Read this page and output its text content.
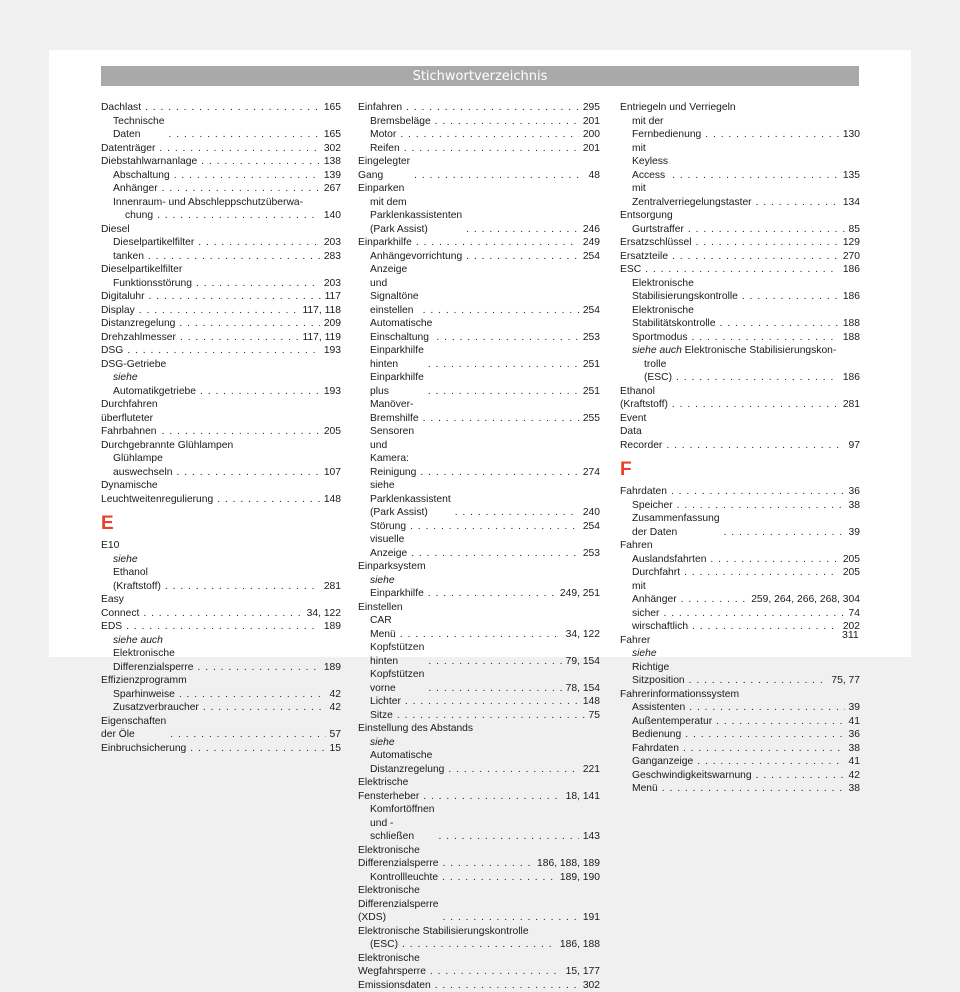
Stichwortverzeichnis
Dachlast . . .	165
Technische Daten . . .	165
Datenträger . . .	302
Diebstahlwarnanlage . . .	138
Abschaltung . . .	139
Anhänger . . .	267
Innenraum- und Abschleppschutzüberwa-
chung . . .	140
Diesel
Dieselpartikelfilter . . .	203
tanken . . .	283
Dieselpartikelfilter
Funktionsstörung . . .	203
Digitaluhr . . .	117
Display . . .	117, 118
Distanzregelung . . .	209
Drehzahlmesser . . .	117, 119
DSG . . .	193
DSG-Getriebe
siehe Automatikgetriebe . . .	193
Durchfahren überfluteter Fahrbahnen . . .	205
Durchgebrannte Glühlampen
Glühlampe auswechseln . . .	107
Dynamische Leuchtweitenregulierung . . .	148
E
E10
siehe Ethanol (Kraftstoff) . . .	281
Easy Connect . . .	34, 122
EDS . . .	189
siehe auch Elektronische Differenzialsperre . . .	189
Effizienzprogramm
Sparhinweise . . .	42
Zusatzverbraucher . . .	42
Eigenschaften der Öle . . .	57
Einbruchsicherung . . .	15
Einfahren . . .	295
Bremsbeläge . . .	201
Motor . . .	200
Reifen . . .	201
Eingelegter Gang . . .	48
Einparken
mit dem Parklenkassistenten (Park Assist) . . .	246
Einparkhilfe . . .	249
Anhängevorrichtung . . .	254
Anzeige und Signaltöne einstellen . . .	254
Automatische Einschaltung . . .	253
Einparkhilfe hinten . . .	251
Einparkhilfe plus . . .	251
Manöver-Bremshilfe . . .	255
Sensoren und Kamera: Reinigung . . .	274
siehe Parklenkassistent (Park Assist) . . .	240
Störung . . .	254
visuelle Anzeige . . .	253
Einparksystem
siehe Einparkhilfe . . .	249, 251
Einstellen
CAR Menü . . .	34, 122
Kopfstützen hinten . . .	79, 154
Kopfstützen vorne . . .	78, 154
Lichter . . .	148
Sitze . . .	75
Einstellung des Abstands
siehe Automatische Distanzregelung . . .	221
Elektrische Fensterheber . . .	18, 141
Komfortöffnen und -schließen . . .	143
Elektronische Differenzialsperre . . .	186, 188, 189
Kontrollleuchte . . .	189, 190
Elektronische Differenzialsperre (XDS) . . .	191
Elektronische Stabilisierungskontrolle
(ESC) . . .	186, 188
Elektronische Wegfahrsperre . . .	15, 177
Emissionsdaten . . .	302
Entriegeln und Verriegeln
mit der Fernbedienung . . .	130
mit Keyless Access . . .	135
mit Zentralverriegelungstaster . . .	134
Entsorgung
Gurtstraffer . . .	85
Ersatzschlüssel . . .	129
Ersatzteile . . .	270
ESC . . .	186
Elektronische Stabilisierungskontrolle . . .	186
Elektronische Stabilitätskontrolle . . .	188
Sportmodus . . .	188
siehe auch Elektronische Stabilisierungskon-
trolle (ESC) . . .	186
Ethanol (Kraftstoff) . . .	281
Event Data Recorder . . .	97
F
Fahrdaten . . .	36
Speicher . . .	38
Zusammenfassung der Daten . . .	39
Fahren
Auslandsfahrten . . .	205
Durchfahrt . . .	205
mit Anhänger . . .	259, 264, 266, 268, 304
sicher . . .	74
wirschaftlich . . .	202
Fahrer
siehe Richtige Sitzposition . . .	75, 77
Fahrerinformationssystem
Assistenten . . .	39
Außentemperatur . . .	41
Bedienung . . .	36
Fahrdaten . . .	38
Ganganzeige . . .	41
Geschwindigkeitswarnung . . .	42
Menü . . .	38
311
